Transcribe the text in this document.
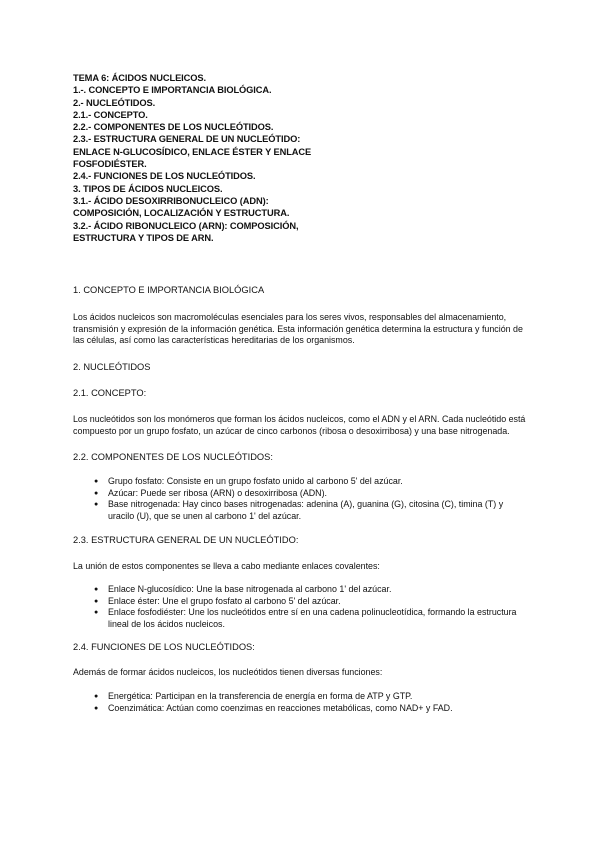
TEMA 6: ÁCIDOS NUCLEICOS.
1.-. CONCEPTO E IMPORTANCIA BIOLÓGICA.
2.- NUCLEÓTIDOS.
2.1.- CONCEPTO.
2.2.- COMPONENTES DE LOS NUCLEÓTIDOS.
2.3.- ESTRUCTURA GENERAL DE UN NUCLEÓTIDO:
ENLACE N-GLUCOSÍDICO, ENLACE ÉSTER Y ENLACE
FOSFODIÉSTER.
2.4.- FUNCIONES DE LOS NUCLEÓTIDOS.
3. TIPOS DE ÁCIDOS NUCLEICOS.
3.1.- ÁCIDO DESOXIRRIBONUCLEICO (ADN):
COMPOSICIÓN, LOCALIZACIÓN Y ESTRUCTURA.
3.2.- ÁCIDO RIBONUCLEICO (ARN): COMPOSICIÓN,
ESTRUCTURA Y TIPOS DE ARN.
1. CONCEPTO E IMPORTANCIA BIOLÓGICA
Los ácidos nucleicos son macromoléculas esenciales para los seres vivos, responsables del almacenamiento, transmisión y expresión de la información genética. Esta información genética determina la estructura y función de las células, así como las características hereditarias de los organismos.
2. NUCLEÓTIDOS
2.1. CONCEPTO:
Los nucleótidos son los monómeros que forman los ácidos nucleicos, como el ADN y el ARN. Cada nucleótido está compuesto por un grupo fosfato, un azúcar de cinco carbonos (ribosa o desoxirribosa) y una base nitrogenada.
2.2. COMPONENTES DE LOS NUCLEÓTIDOS:
● Grupo fosfato: Consiste en un grupo fosfato unido al carbono 5' del azúcar.
● Azúcar: Puede ser ribosa (ARN) o desoxirribosa (ADN).
● Base nitrogenada: Hay cinco bases nitrogenadas: adenina (A), guanina (G), citosina (C), timina (T) y uracilo (U), que se unen al carbono 1' del azúcar.
2.3. ESTRUCTURA GENERAL DE UN NUCLEÓTIDO:
La unión de estos componentes se lleva a cabo mediante enlaces covalentes:
● Enlace N-glucosídico: Une la base nitrogenada al carbono 1' del azúcar.
● Enlace éster: Une el grupo fosfato al carbono 5' del azúcar.
● Enlace fosfodiéster: Une los nucleótidos entre sí en una cadena polinucleotídica, formando la estructura lineal de los ácidos nucleicos.
2.4. FUNCIONES DE LOS NUCLEÓTIDOS:
Además de formar ácidos nucleicos, los nucleótidos tienen diversas funciones:
● Energética: Participan en la transferencia de energía en forma de ATP y GTP.
● Coenzimática: Actúan como coenzimas en reacciones metabólicas, como NAD+ y FAD.
